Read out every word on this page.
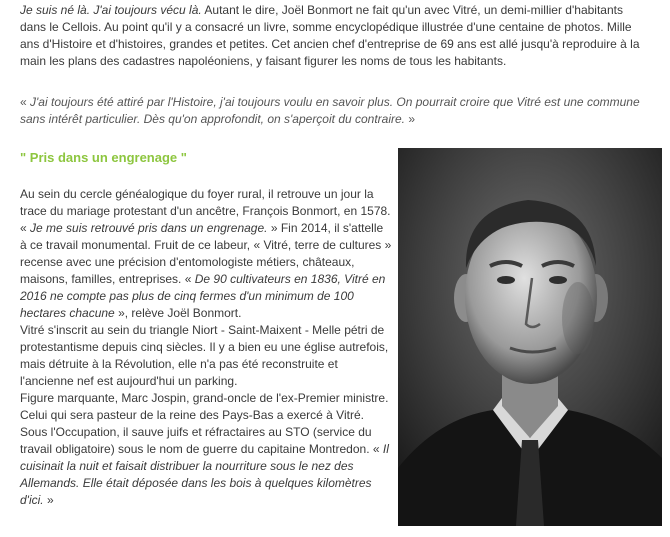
Je suis né là. J'ai toujours vécu là. Autant le dire, Joël Bonmort ne fait qu'un avec Vitré, un demi-millier d'habitants dans le Cellois. Au point qu'il y a consacré un livre, somme encyclopédique illustrée d'une centaine de photos. Mille ans d'Histoire et d'histoires, grandes et petites. Cet ancien chef d'entreprise de 69 ans est allé jusqu'à reproduire à la main les plans des cadastres napoléoniens, y faisant figurer les noms de tous les habitants.

« J'ai toujours été attiré par l'Histoire, j'ai toujours voulu en savoir plus. On pourrait croire que Vitré est une commune sans intérêt particulier. Dès qu'on approfondit, on s'aperçoit du contraire. »

" Pris dans un engrenage "

Au sein du cercle généalogique du foyer rural, il retrouve un jour la trace du mariage protestant d'un ancêtre, François Bonmort, en 1578. « Je me suis retrouvé pris dans un engrenage. » Fin 2014, il s'attelle à ce travail monumental. Fruit de ce labeur, « Vitré, terre de cultures » recense avec une précision d'entomologiste métiers, châteaux, maisons, familles, entreprises. « De 90 cultivateurs en 1836, Vitré en 2016 ne compte pas plus de cinq fermes d'un minimum de 100 hectares chacune », relève Joël Bonmort.
Vitré s'inscrit au sein du triangle Niort - Saint-Maixent - Melle pétri de protestantisme depuis cinq siècles. Il y a bien eu une église autrefois, mais détruite à la Révolution, elle n'a pas été reconstruite et l'ancienne nef est aujourd'hui un parking.
Figure marquante, Marc Jospin, grand-oncle de l'ex-Premier ministre. Celui qui sera pasteur de la reine des Pays-Bas a exercé à Vitré. Sous l'Occupation, il sauve juifs et réfractaires au STO (service du travail obligatoire) sous le nom de guerre du capitaine Montredon. « Il cuisinait la nuit et faisait distribuer la nourriture sous le nez des Allemands. Elle était déposée dans les bois à quelques kilomètres d'ici. »
